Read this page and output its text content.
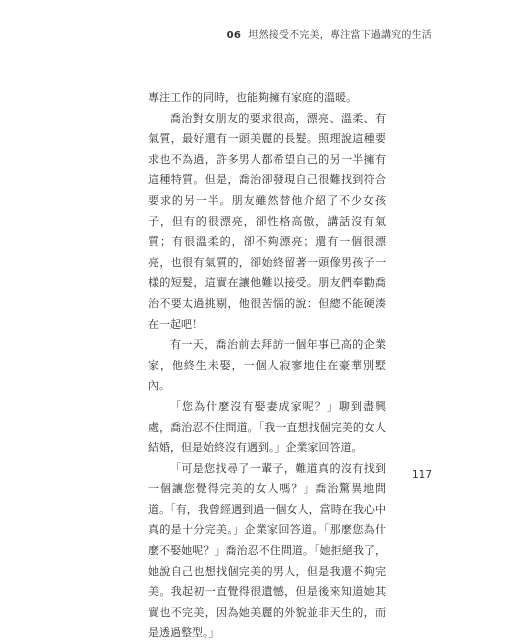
06 坦然接受不完美，專注當下過講究的生活

專注工作的同時，也能夠擁有家庭的溫暖。

喬治對女朋友的要求很高，漂亮、溫柔、有氣質，最好還有一頭美麗的長髮。照理說這種要求也不為過，許多男人都希望自己的另一半擁有這種特質。但是，喬治卻發現自己很難找到符合要求的另一半。朋友雖然替他介紹了不少女孩子，但有的很漂亮，卻性格高傲，講話沒有氣質；有很溫柔的，卻不夠漂亮；還有一個很漂亮，也很有氣質的，卻始終留著一頭像男孩子一樣的短髮，這實在讓他難以接受。朋友們奉勸喬治不要太過挑剔，他很苦惱的說：但總不能硬湊在一起吧！

有一天，喬治前去拜訪一個年事已高的企業家，他終生未娶，一個人寂寥地住在豪華別墅內。

「您為什麼沒有娶妻成家呢？」聊到盡興處，喬治忍不住問道。「我一直想找個完美的女人結婚，但是始終沒有遇到。」企業家回答道。

「可是您找尋了一輩子，難道真的沒有找到一個讓您覺得完美的女人嗎？」喬治驚異地問道。「有，我曾經遇到過一個女人，當時在我心中真的是十分完美。」企業家回答道。「那麼您為什麼不娶她呢？」喬治忍不住問道。「她拒絕我了，她說自己也想找個完美的男人，但是我還不夠完美。我起初一直覺得很遺憾，但是後來知道她其實也不完美，因為她美麗的外貌並非天生的，而是透過整型。」

117
